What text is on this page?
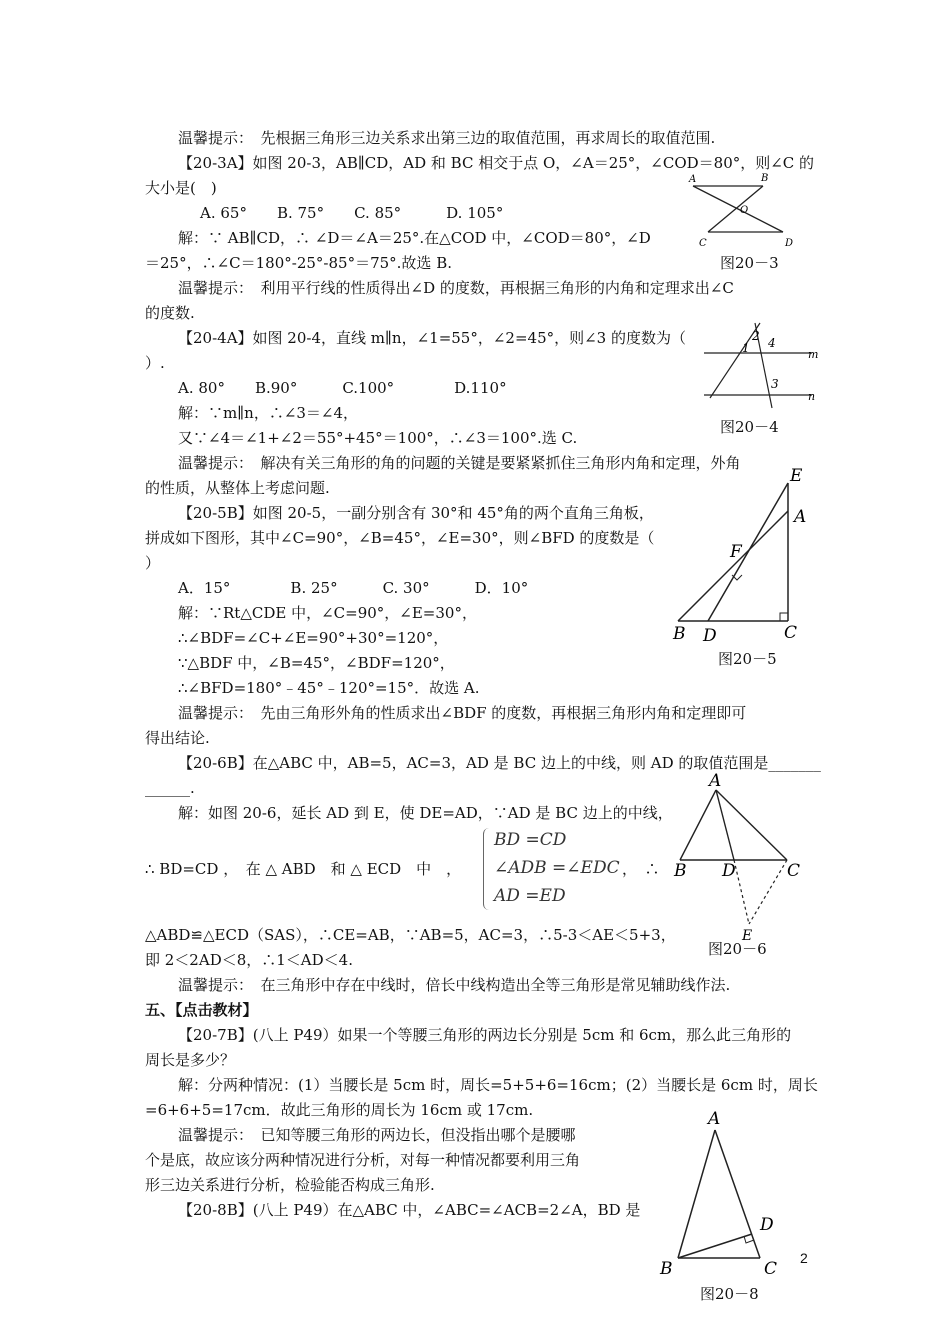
温馨提示：　先根据三角形三边关系求出第三边的取值范围，再求周长的取值范围.
【20-3A】如图 20-3，AB∥CD，AD 和 BC 相交于点 O，∠A＝25°，∠COD＝80°，则∠C 的
大小是(　)
A. 65°　　B. 75°　　C. 85°　　　D. 105°
解：∵ AB∥CD，∴ ∠D＝∠A＝25°.在△COD 中，∠COD＝80°，∠D
＝25°，∴∠C＝180°-25°-85°＝75°.故选 B.
温馨提示：　利用平行线的性质得出∠D 的度数，再根据三角形的内角和定理求出∠C
的度数.
【20-4A】如图 20-4，直线 m∥n，∠1=55°，∠2=45°，则∠3 的度数为（
）.
A. 80°　　B.90°　　　C.100°　　　　D.110°
解：∵m∥n，∴∠3＝∠4，
又∵∠4＝∠1+∠2＝55°+45°＝100°，∴∠3＝100°.选 C.
温馨提示：　解决有关三角形的角的问题的关键是要紧紧抓住三角形内角和定理，外角
的性质，从整体上考虑问题.
【20-5B】如图 20-5，一副分别含有 30°和 45°角的两个直角三角板，
拼成如下图形，其中∠C=90°，∠B=45°，∠E=30°，则∠BFD 的度数是（
）
A．15°　　　　B. 25°　　　C. 30°　　　D．10°
解：∵Rt△CDE 中，∠C=90°，∠E=30°，
∴∠BDF=∠C+∠E=90°+30°=120°，
∵△BDF 中，∠B=45°，∠BDF=120°，
∴∠BFD=180°﹣45°﹣120°=15°．故选 A.
温馨提示：　先由三角形外角的性质求出∠BDF 的度数，再根据三角形内角和定理即可
得出结论.
【20-6B】在△ABC 中，AB=5，AC=3，AD 是 BC 边上的中线，则 AD 的取值范围是_______
______.
解：如图 20-6，延长 AD 到 E，使 DE=AD，∵AD 是 BC 边上的中线，
∴ BD=CD ，　在 △ ABD　和 △ ECD　中　，	，　∴
BD =CD
∠ADB =∠EDC
AD =ED
△ABD≌△ECD（SAS），∴CE=AB，∵AB=5，AC=3，∴5-3＜AE＜5+3，
即 2＜2AD＜8，∴1＜AD＜4.
温馨提示：　在三角形中存在中线时，倍长中线构造出全等三角形是常见辅助线作法.
五、【点击教材】
【20-7B】(八上 P49）如果一个等腰三角形的两边长分别是 5cm 和 6cm，那么此三角形的
周长是多少？
解：分两种情况：(1）当腰长是 5cm 时，周长=5+5+6=16cm；(2）当腰长是 6cm 时，周长
=6+6+5=17cm．故此三角形的周长为 16cm 或 17cm.
温馨提示：　已知等腰三角形的两边长，但没指出哪个是腰哪
个是底，故应该分两种情况进行分析，对每一种情况都要利用三角
形三边关系进行分析，检验能否构成三角形.
【20-8B】(八上 P49）在△ABC 中，∠ABC=∠ACB=2∠A，BD 是
A	B
O
C	D
图20－3
1
2 4
3
m
n
图20－4
E
A
F
B D	C
图20－5
A
B D	C
E
图20－6
A
D
B	C
图20－8
2
